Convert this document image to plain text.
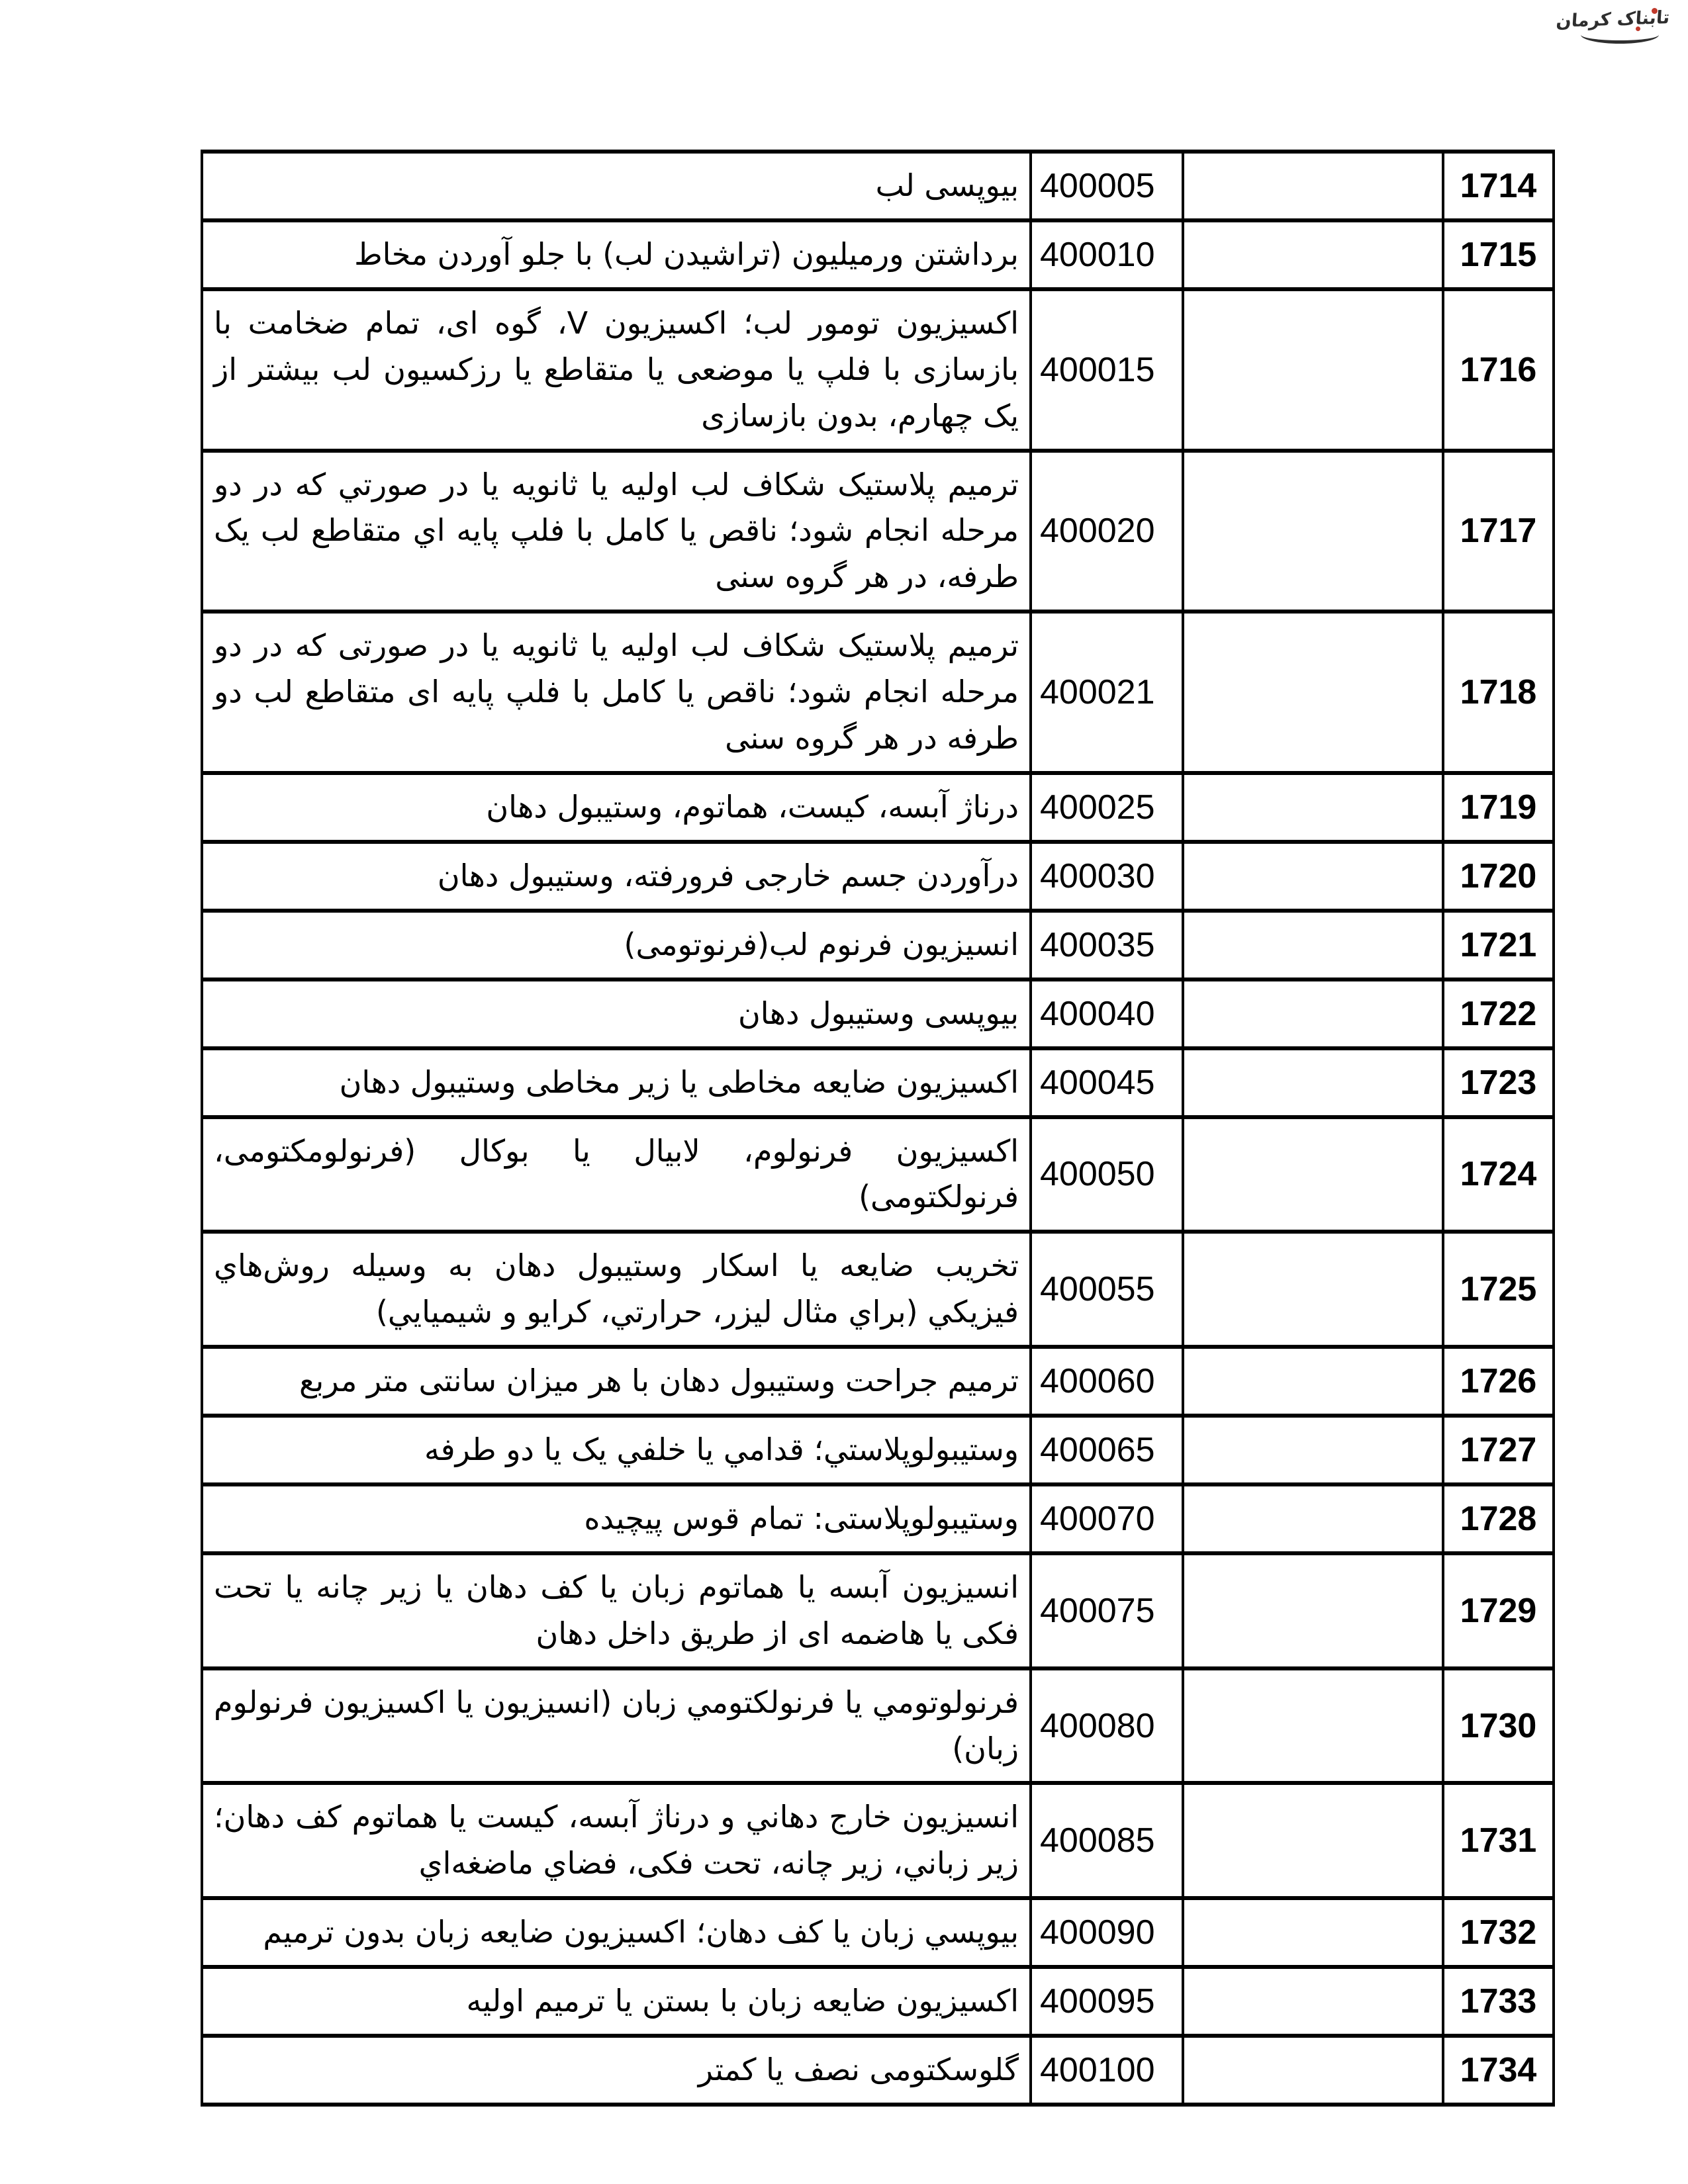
تابناک کرمان
بیوپسی لب	400005		1714
برداشتن ورمیلیون (تراشیدن لب) با جلو آوردن مخاط	400010		1715
اکسیزیون تومور لب؛ اکسیزیون V، گوه ای، تمام ضخامت با بازسازی با فلپ یا موضعی یا متقاطع یا رزکسیون لب بیشتر از یک چهارم، بدون بازسازی	400015		1716
ترمیم پلاستیک شکاف لب اولیه یا ثانویه یا در صورتي که در دو مرحله انجام شود؛ ناقص یا کامل با فلپ پایه اي متقاطع لب یک طرفه، در هر گروه سنی	400020		1717
ترمیم پلاستیک شکاف لب اولیه یا ثانویه یا در صورتی که در دو مرحله انجام شود؛ ناقص یا کامل با فلپ پایه ای متقاطع لب دو طرفه در هر گروه سنی	400021		1718
درناژ آبسه، کیست، هماتوم، وستیبول دهان	400025		1719
درآوردن جسم خارجی فرورفته، وستیبول دهان	400030		1720
انسیزیون فرنوم لب(فرنوتومی)	400035		1721
بیوپسی وستیبول دهان	400040		1722
اکسیزیون ضایعه مخاطی یا زیر مخاطی وستیبول دهان	400045		1723
اکسیزیون فرنولوم، لابیال یا بوکال (فرنولومکتومی، فرنولکتومی)	400050		1724
تخریب ضایعه یا اسکار وستیبول دهان به وسیله روش‌هاي فیزیکي (براي مثال لیزر، حرارتي، کرایو و شیمیایي)	400055		1725
ترمیم جراحت وستیبول دهان با هر میزان سانتی متر مربع	400060		1726
وستیبولوپلاستي؛ قدامي یا خلفي یک یا دو طرفه	400065		1727
وستیبولوپلاستی: تمام قوس پیچیده	400070		1728
انسیزیون آبسه یا هماتوم زبان یا کف دهان یا زیر چانه یا تحت فکی یا هاضمه ای از طریق داخل دهان	400075		1729
فرنولوتومي یا فرنولکتومي زبان (انسیزیون یا اکسیزیون فرنولوم زبان)	400080		1730
انسیزیون خارج دهاني و درناژ آبسه، کیست یا هماتوم کف دهان؛ زیر زباني، زیر چانه، تحت فکی، فضاي ماضغه‌اي	400085		1731
بیوپسي زبان یا کف دهان؛ اکسیزیون ضایعه زبان بدون ترمیم	400090		1732
اکسیزیون ضایعه زبان با بستن یا ترمیم اولیه	400095		1733
گلوسکتومی نصف یا کمتر	400100		1734
